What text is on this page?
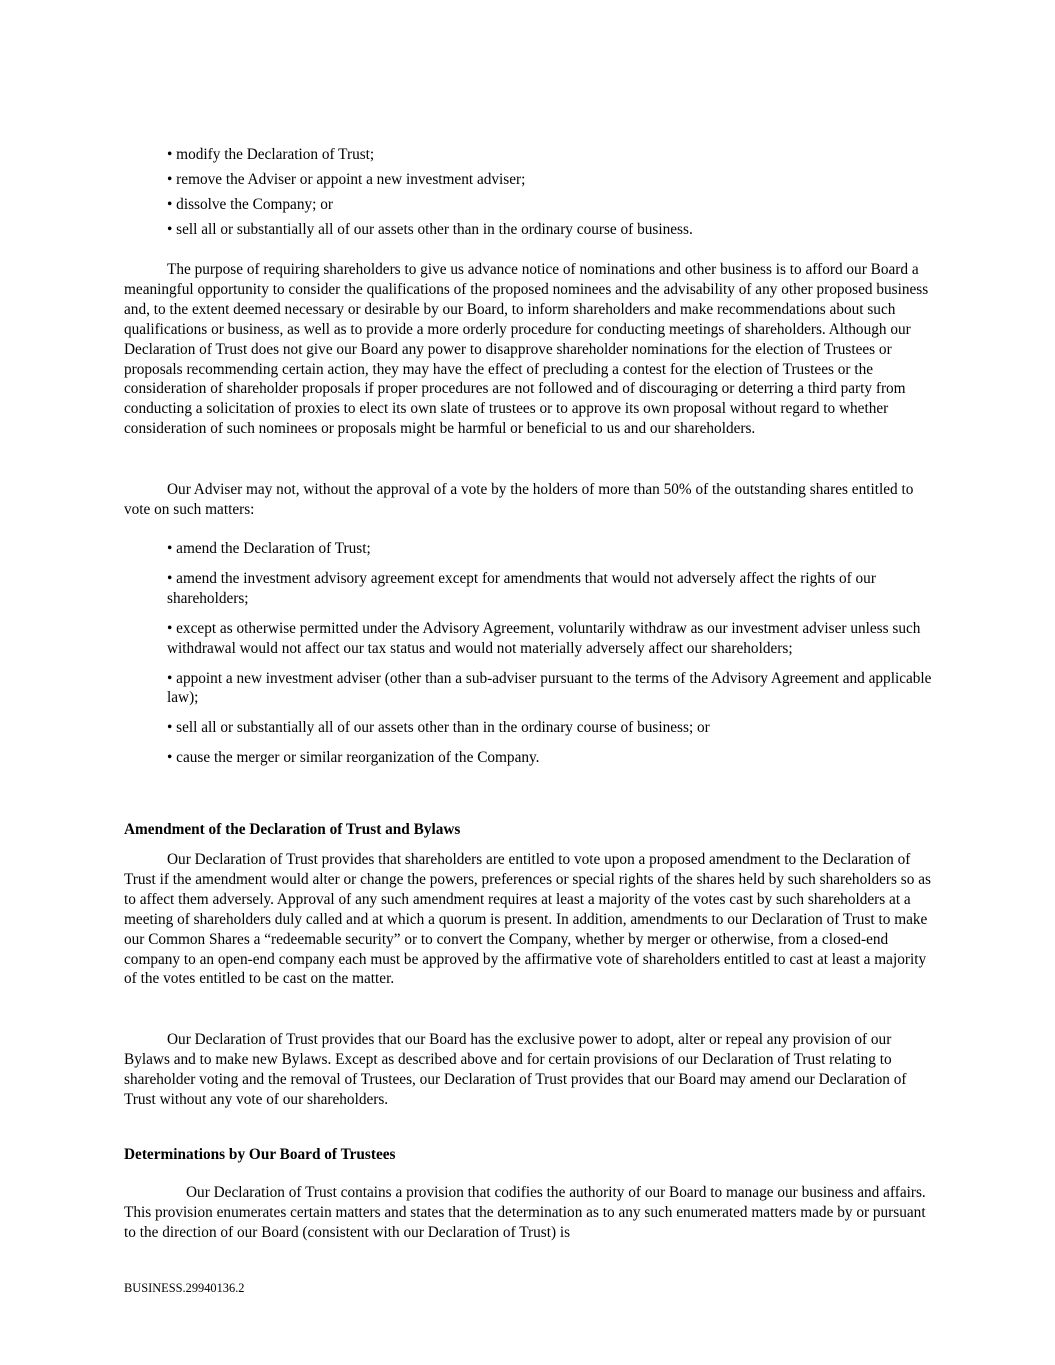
• modify the Declaration of Trust;
• remove the Adviser or appoint a new investment adviser;
• dissolve the Company; or
• sell all or substantially all of our assets other than in the ordinary course of business.

The purpose of requiring shareholders to give us advance notice of nominations and other business is to afford our Board a meaningful opportunity to consider the qualifications of the proposed nominees and the advisability of any other proposed business and, to the extent deemed necessary or desirable by our Board, to inform shareholders and make recommendations about such qualifications or business, as well as to provide a more orderly procedure for conducting meetings of shareholders. Although our Declaration of Trust does not give our Board any power to disapprove shareholder nominations for the election of Trustees or proposals recommending certain action, they may have the effect of precluding a contest for the election of Trustees or the consideration of shareholder proposals if proper procedures are not followed and of discouraging or deterring a third party from conducting a solicitation of proxies to elect its own slate of trustees or to approve its own proposal without regard to whether consideration of such nominees or proposals might be harmful or beneficial to us and our shareholders.

Our Adviser may not, without the approval of a vote by the holders of more than 50% of the outstanding shares entitled to vote on such matters:

• amend the Declaration of Trust;
• amend the investment advisory agreement except for amendments that would not adversely affect the rights of our shareholders;
• except as otherwise permitted under the Advisory Agreement, voluntarily withdraw as our investment adviser unless such withdrawal would not affect our tax status and would not materially adversely affect our shareholders;
• appoint a new investment adviser (other than a sub-adviser pursuant to the terms of the Advisory Agreement and applicable law);
• sell all or substantially all of our assets other than in the ordinary course of business; or
• cause the merger or similar reorganization of the Company.
Amendment of the Declaration of Trust and Bylaws

Our Declaration of Trust provides that shareholders are entitled to vote upon a proposed amendment to the Declaration of Trust if the amendment would alter or change the powers, preferences or special rights of the shares held by such shareholders so as to affect them adversely. Approval of any such amendment requires at least a majority of the votes cast by such shareholders at a meeting of shareholders duly called and at which a quorum is present. In addition, amendments to our Declaration of Trust to make our Common Shares a “redeemable security” or to convert the Company, whether by merger or otherwise, from a closed-end company to an open-end company each must be approved by the affirmative vote of shareholders entitled to cast at least a majority of the votes entitled to be cast on the matter.

Our Declaration of Trust provides that our Board has the exclusive power to adopt, alter or repeal any provision of our Bylaws and to make new Bylaws. Except as described above and for certain provisions of our Declaration of Trust relating to shareholder voting and the removal of Trustees, our Declaration of Trust provides that our Board may amend our Declaration of Trust without any vote of our shareholders.

Determinations by Our Board of Trustees

Our Declaration of Trust contains a provision that codifies the authority of our Board to manage our business and affairs. This provision enumerates certain matters and states that the determination as to any such enumerated matters made by or pursuant to the direction of our Board (consistent with our Declaration of Trust) is

BUSINESS.29940136.2
